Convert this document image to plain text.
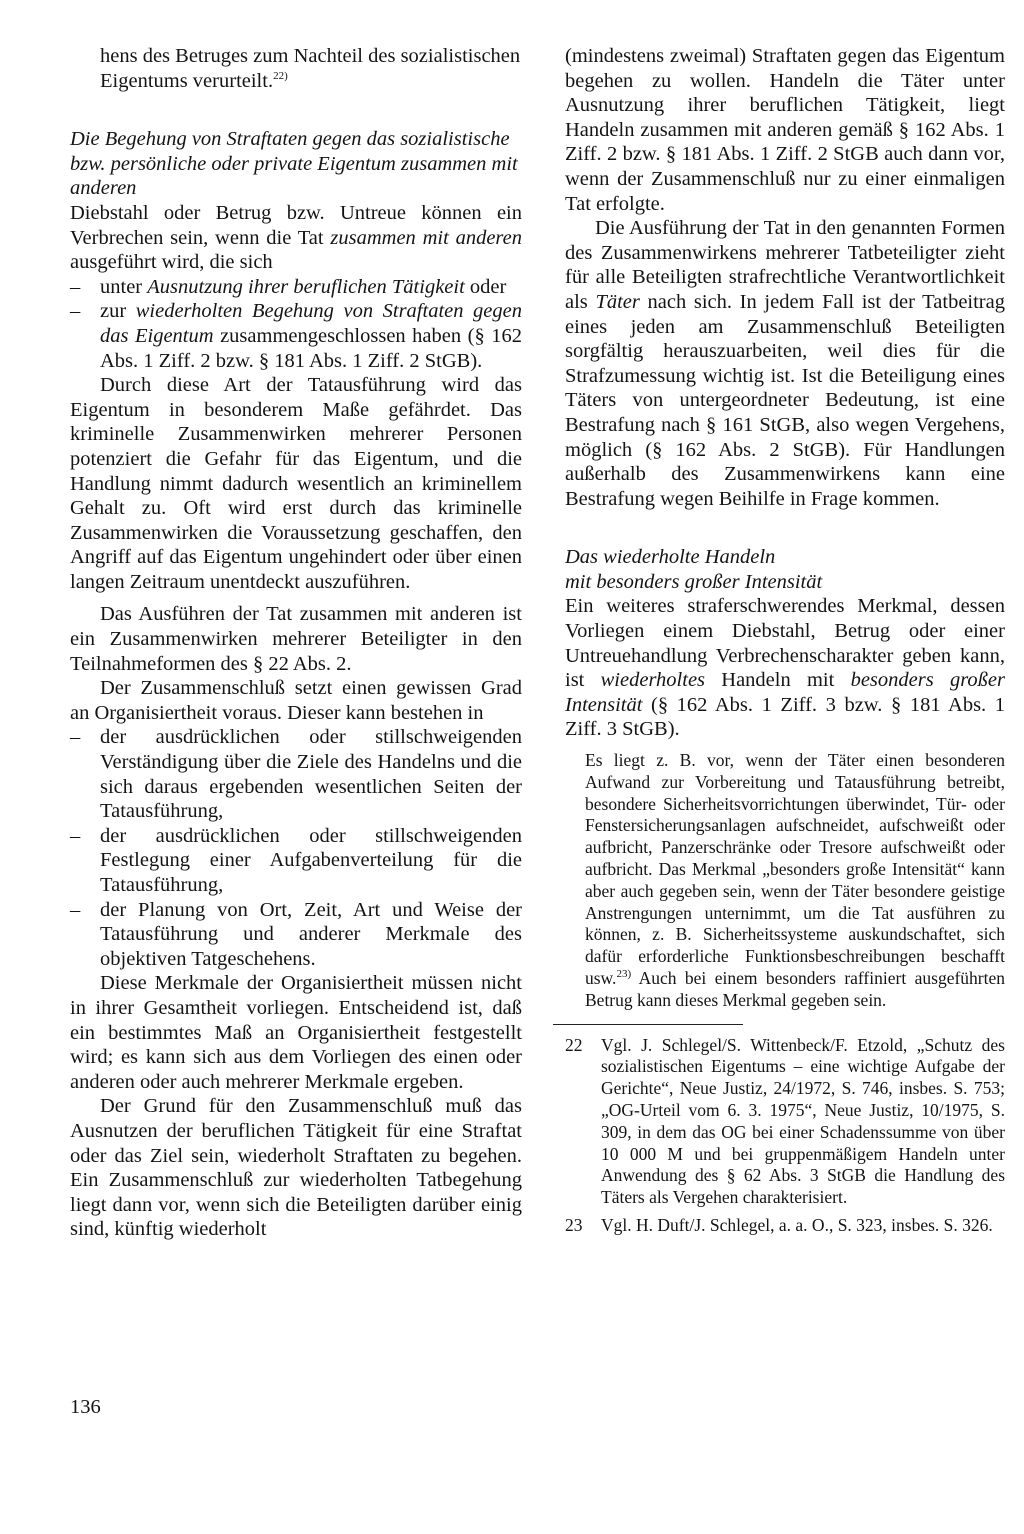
hens des Betruges zum Nachteil des sozialistischen Eigentums verurteilt.$^{22)}$

Die Begehung von Straftaten gegen das sozialistische bzw. persönliche oder private Eigentum zusammen mit anderen

Diebstahl oder Betrug bzw. Untreue können ein Verbrechen sein, wenn die Tat zusammen mit anderen ausgeführt wird, die sich

– unter Ausnutzung ihrer beruflichen Tätigkeit oder
– zur wiederholten Begehung von Straftaten gegen das Eigentum zusammengeschlossen haben (§ 162 Abs. 1 Ziff. 2 bzw. § 181 Abs. 1 Ziff. 2 StGB).

Durch diese Art der Tatausführung wird das Eigentum in besonderem Maße gefährdet. Das kriminelle Zusammenwirken mehrerer Personen potenziert die Gefahr für das Eigentum, und die Handlung nimmt dadurch wesentlich an kriminellem Gehalt zu. Oft wird erst durch das kriminelle Zusammenwirken die Voraussetzung geschaffen, den Angriff auf das Eigentum ungehindert oder über einen langen Zeitraum unentdeckt auszuführen.

Das Ausführen der Tat zusammen mit anderen ist ein Zusammenwirken mehrerer Beteiligter in den Teilnahmeformen des § 22 Abs. 2.

Der Zusammenschluß setzt einen gewissen Grad an Organisiertheit voraus. Dieser kann bestehen in

– der ausdrücklichen oder stillschweigenden Verständigung über die Ziele des Handelns und die sich daraus ergebenden wesentlichen Seiten der Tatausführung,
– der ausdrücklichen oder stillschweigenden Festlegung einer Aufgabenverteilung für die Tatausführung,
– der Planung von Ort, Zeit, Art und Weise der Tatausführung und anderer Merkmale des objektiven Tatgeschehens.

Diese Merkmale der Organisiertheit müssen nicht in ihrer Gesamtheit vorliegen. Entscheidend ist, daß ein bestimmtes Maß an Organisiertheit festgestellt wird; es kann sich aus dem Vorliegen des einen oder anderen oder auch mehrerer Merkmale ergeben.

Der Grund für den Zusammenschluß muß das Ausnutzen der beruflichen Tätigkeit für eine Straftat oder das Ziel sein, wiederholt Straftaten zu begehen. Ein Zusammenschluß zur wiederholten Tatbegehung liegt dann vor, wenn sich die Beteiligten darüber einig sind, künftig wiederholt

(mindestens zweimal) Straftaten gegen das Eigentum begehen zu wollen. Handeln die Täter unter Ausnutzung ihrer beruflichen Tätigkeit, liegt Handeln zusammen mit anderen gemäß § 162 Abs. 1 Ziff. 2 bzw. § 181 Abs. 1 Ziff. 2 StGB auch dann vor, wenn der Zusammenschluß nur zu einer einmaligen Tat erfolgte.

Die Ausführung der Tat in den genannten Formen des Zusammenwirkens mehrerer Tatbeteiligter zieht für alle Beteiligten strafrechtliche Verantwortlichkeit als Täter nach sich. In jedem Fall ist der Tatbeitrag eines jeden am Zusammenschluß Beteiligten sorgfältig herauszuarbeiten, weil dies für die Strafzumessung wichtig ist. Ist die Beteiligung eines Täters von untergeordneter Bedeutung, ist eine Bestrafung nach § 161 StGB, also wegen Vergehens, möglich (§ 162 Abs. 2 StGB). Für Handlungen außerhalb des Zusammenwirkens kann eine Bestrafung wegen Beihilfe in Frage kommen.

Das wiederholte Handeln
mit besonders großer Intensität

Ein weiteres straferschwerendes Merkmal, dessen Vorliegen einem Diebstahl, Betrug oder einer Untreuehandlung Verbrechenscharakter geben kann, ist wiederholtes Handeln mit besonders großer Intensität (§ 162 Abs. 1 Ziff. 3 bzw. § 181 Abs. 1 Ziff. 3 StGB).

Es liegt z. B. vor, wenn der Täter einen besonderen Aufwand zur Vorbereitung und Tatausführung betreibt, besondere Sicherheitsvorrichtungen überwindet, Tür- oder Fenstersicherungsanlagen aufschneidet, aufschweißt oder aufbricht, Panzerschränke oder Tresore aufschweißt oder aufbricht. Das Merkmal „besonders große Intensität“ kann aber auch gegeben sein, wenn der Täter besondere geistige Anstrengungen unternimmt, um die Tat ausführen zu können, z. B. Sicherheitssysteme auskundschaftet, sich dafür erforderliche Funktionsbeschreibungen beschafft usw.$^{23)}$ Auch bei einem besonders raffiniert ausgeführten Betrug kann dieses Merkmal gegeben sein.

22	Vgl. J. Schlegel/S. Wittenbeck/F. Etzold, „Schutz des sozialistischen Eigentums – eine wichtige Aufgabe der Gerichte“, Neue Justiz, 24/1972, S. 746, insbes. S. 753; „OG-Urteil vom 6. 3. 1975“, Neue Justiz, 10/1975, S. 309, in dem das OG bei einer Schadenssumme von über 10 000 M und bei gruppenmäßigem Handeln unter Anwendung des § 62 Abs. 3 StGB die Handlung des Täters als Vergehen charakterisiert.
23	Vgl. H. Duft/J. Schlegel, a. a. O., S. 323, insbes. S. 326.
136
